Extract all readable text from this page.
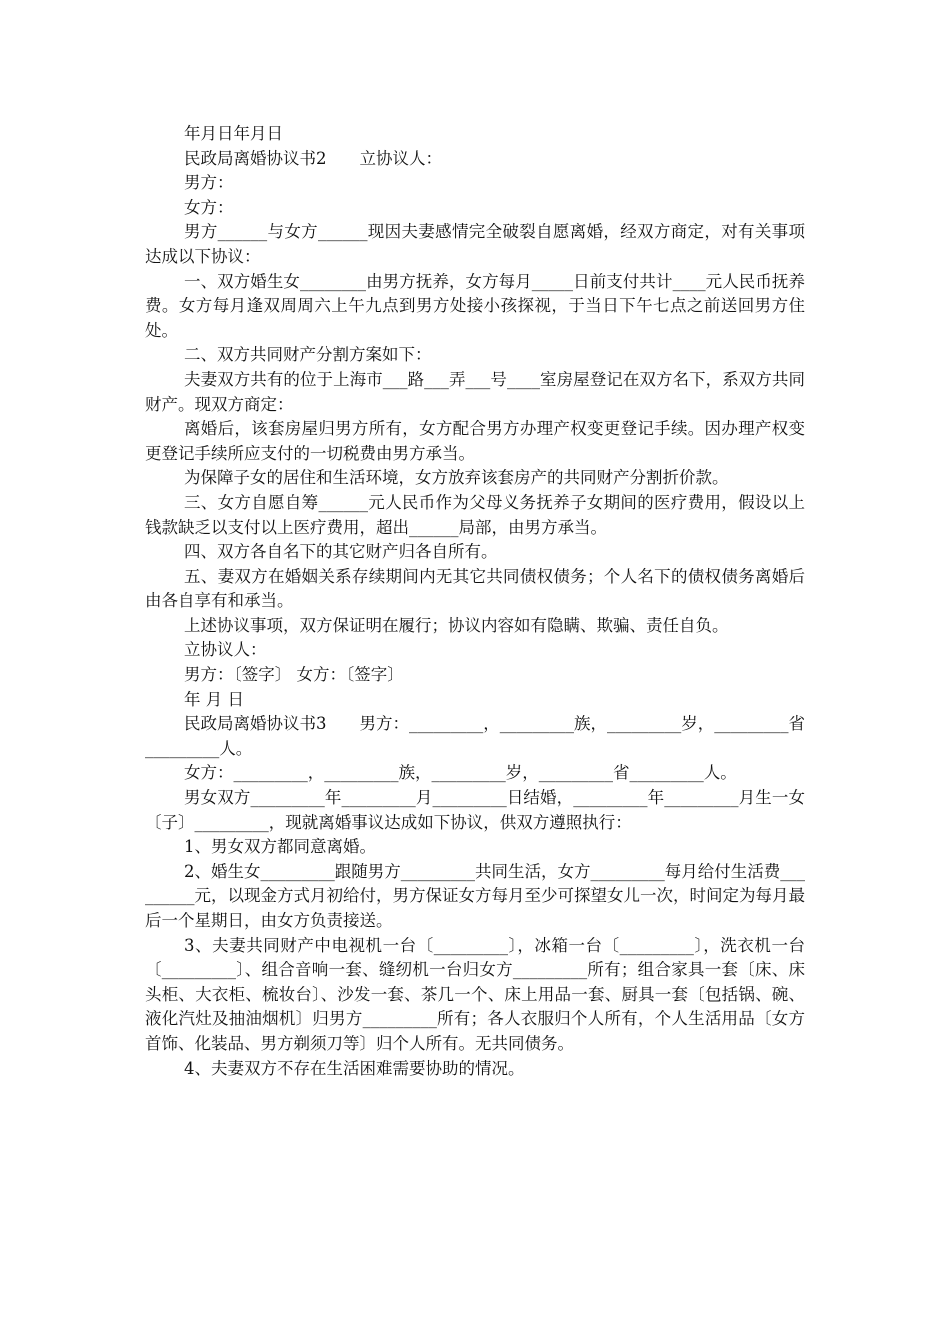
年月日年月日

民政局离婚协议书2　　立协议人：

男方：

女方：

男方______与女方______现因夫妻感情完全破裂自愿离婚，经双方商定，对有关事项达成以下协议：

一、双方婚生女________由男方抚养，女方每月_____日前支付共计____元人民币抚养费。女方每月逢双周周六上午九点到男方处接小孩探视，于当日下午七点之前送回男方住处。

二、双方共同财产分割方案如下：

夫妻双方共有的位于上海市___路___弄___号____室房屋登记在双方名下，系双方共同财产。现双方商定：

离婚后，该套房屋归男方所有，女方配合男方办理产权变更登记手续。因办理产权变更登记手续所应支付的一切税费由男方承当。

为保障子女的居住和生活环境，女方放弃该套房产的共同财产分割折价款。

三、女方自愿自筹______元人民币作为父母义务抚养子女期间的医疗费用，假设以上钱款缺乏以支付以上医疗费用，超出______局部，由男方承当。

四、双方各自名下的其它财产归各自所有。

五、妻双方在婚姻关系存续期间内无其它共同债权债务；个人名下的债权债务离婚后由各自享有和承当。

上述协议事项，双方保证明在履行；协议内容如有隐瞒、欺骗、责任自负。

立协议人：

男方：〔签字〕 女方：〔签字〕

年 月 日

民政局离婚协议书3　　男方：_________，_________族，_________岁，_________省_________人。

女方：_________，_________族，_________岁，_________省_________人。

男女双方_________年_________月_________日结婚，_________年_________月生一女〔子〕_________，现就离婚事议达成如下协议，供双方遵照执行：

1、男女双方都同意离婚。

2、婚生女_________跟随男方_________共同生活，女方_________每月给付生活费_________元，以现金方式月初给付，男方保证女方每月至少可探望女儿一次，时间定为每月最后一个星期日，由女方负责接送。

3、夫妻共同财产中电视机一台〔_________〕，冰箱一台〔_________〕，洗衣机一台〔_________〕、组合音响一套、缝纫机一台归女方_________所有；组合家具一套〔床、床头柜、大衣柜、梳妆台〕、沙发一套、茶几一个、床上用品一套、厨具一套〔包括锅、碗、液化汽灶及抽油烟机〕归男方_________所有；各人衣服归个人所有，个人生活用品〔女方首饰、化装品、男方剃须刀等〕归个人所有。无共同债务。

4、夫妻双方不存在生活困难需要协助的情况。
